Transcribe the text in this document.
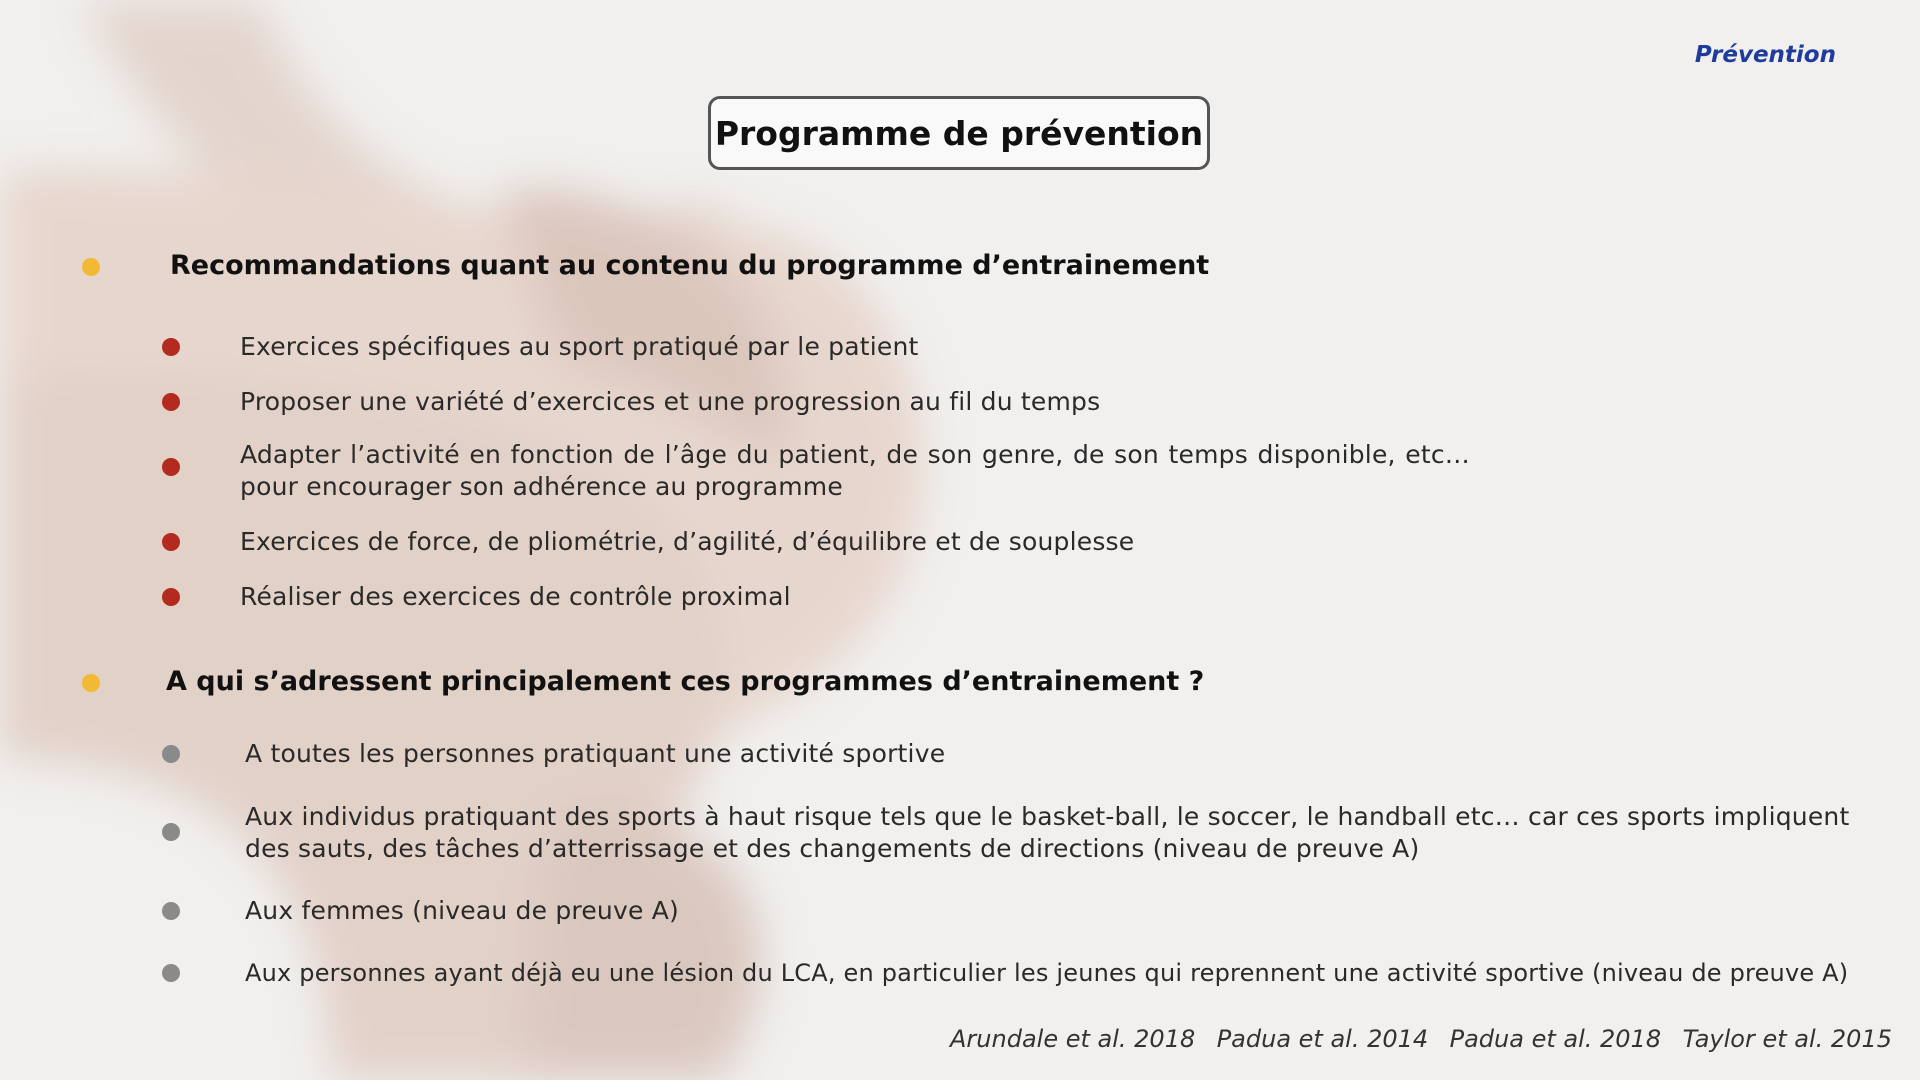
Prévention
Programme de prévention
Recommandations quant au contenu du programme d’entrainement
Exercices spécifiques au sport pratiqué par le patient
Proposer une variété d’exercices et une progression au fil du temps
Adapter l’activité en fonction de l’âge du patient, de son genre, de son temps disponible, etc… pour encourager son adhérence au programme
Exercices de force, de pliométrie, d’agilité, d’équilibre et de souplesse
Réaliser des exercices de contrôle proximal
A qui s’adressent principalement ces programmes d’entrainement ?
A toutes les personnes pratiquant une activité sportive
Aux individus pratiquant des sports à haut risque tels que le basket-ball, le soccer, le handball etc… car ces sports impliquent des sauts, des tâches d’atterrissage et des changements de directions (niveau de preuve A)
Aux femmes (niveau de preuve A)
Aux personnes ayant déjà eu une lésion du LCA, en particulier les jeunes qui reprennent une activité sportive (niveau de preuve A)
Arundale et al. 2018 Padua et al. 2014 Padua et al. 2018 Taylor et al. 2015
